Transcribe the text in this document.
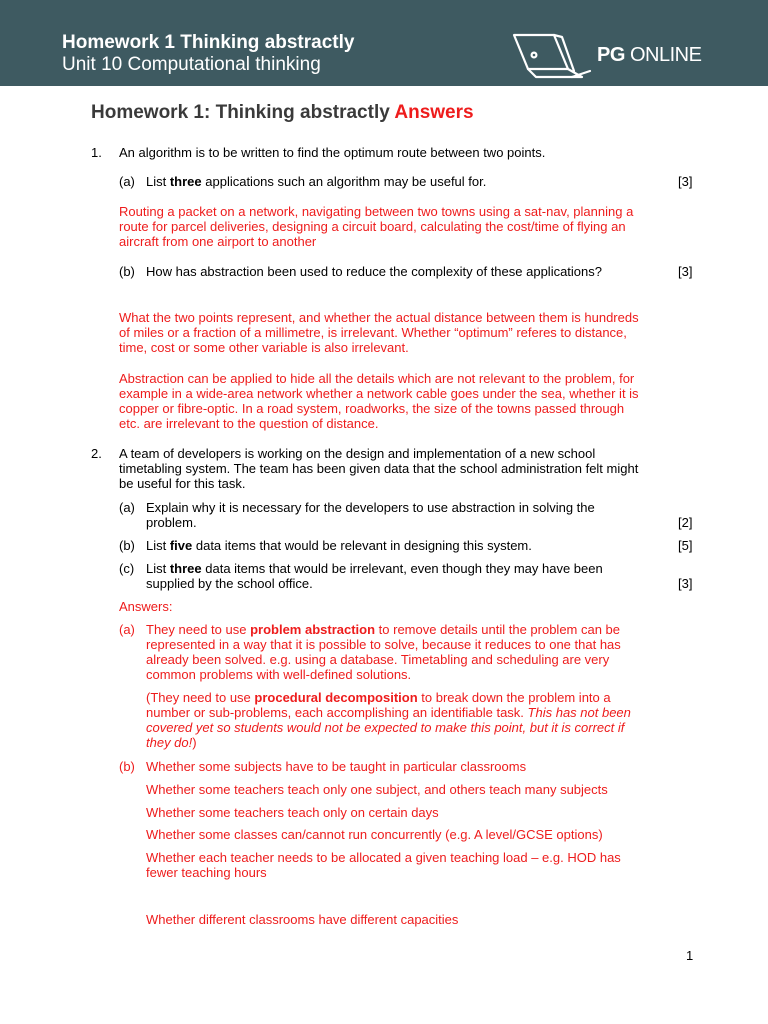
Homework 1 Thinking abstractly
Unit 10 Computational thinking	PG ONLINE
Homework 1: Thinking abstractly Answers
1. An algorithm is to be written to find the optimum route between two points.
(a) List three applications such an algorithm may be useful for.	[3]
Routing a packet on a network, navigating between two towns using a sat-nav, planning a
route for parcel deliveries, designing a circuit board, calculating the cost/time of flying an
aircraft from one airport to another
(b) How has abstraction been used to reduce the complexity of these applications?	[3]
What the two points represent, and whether the actual distance between them is hundreds
of miles or a fraction of a millimetre, is irrelevant. Whether “optimum” referes to distance,
time, cost or some other variable is also irrelevant.
Abstraction can be applied to hide all the details which are not relevant to the problem, for
example in a wide-area network whether a network cable goes under the sea, whether it is
copper or fibre-optic. In a road system, roadworks, the size of the towns passed through
etc. are irrelevant to the question of distance.
2. A team of developers is working on the design and implementation of a new school
timetabling system. The team has been given data that the school administration felt might
be useful for this task.
(a) Explain why it is necessary for the developers to use abstraction in solving the
problem.	[2]
(b) List five data items that would be relevant in designing this system.	[5]
(c) List three data items that would be irrelevant, even though they may have been
supplied by the school office.	[3]
Answers:
(a) They need to use problem abstraction to remove details until the problem can be
represented in a way that it is possible to solve, because it reduces to one that has
already been solved. e.g. using a database. Timetabling and scheduling are very
common problems with well-defined solutions.
(They need to use procedural decomposition to break down the problem into a
number or sub-problems, each accomplishing an identifiable task. This has not been
covered yet so students would not be expected to make this point, but it is correct if
they do!)
(b) Whether some subjects have to be taught in particular classrooms
Whether some teachers teach only one subject, and others teach many subjects
Whether some teachers teach only on certain days
Whether some classes can/cannot run concurrently (e.g. A level/GCSE options)
Whether each teacher needs to be allocated a given teaching load – e.g. HOD has
fewer teaching hours
Whether different classrooms have different capacities
1
